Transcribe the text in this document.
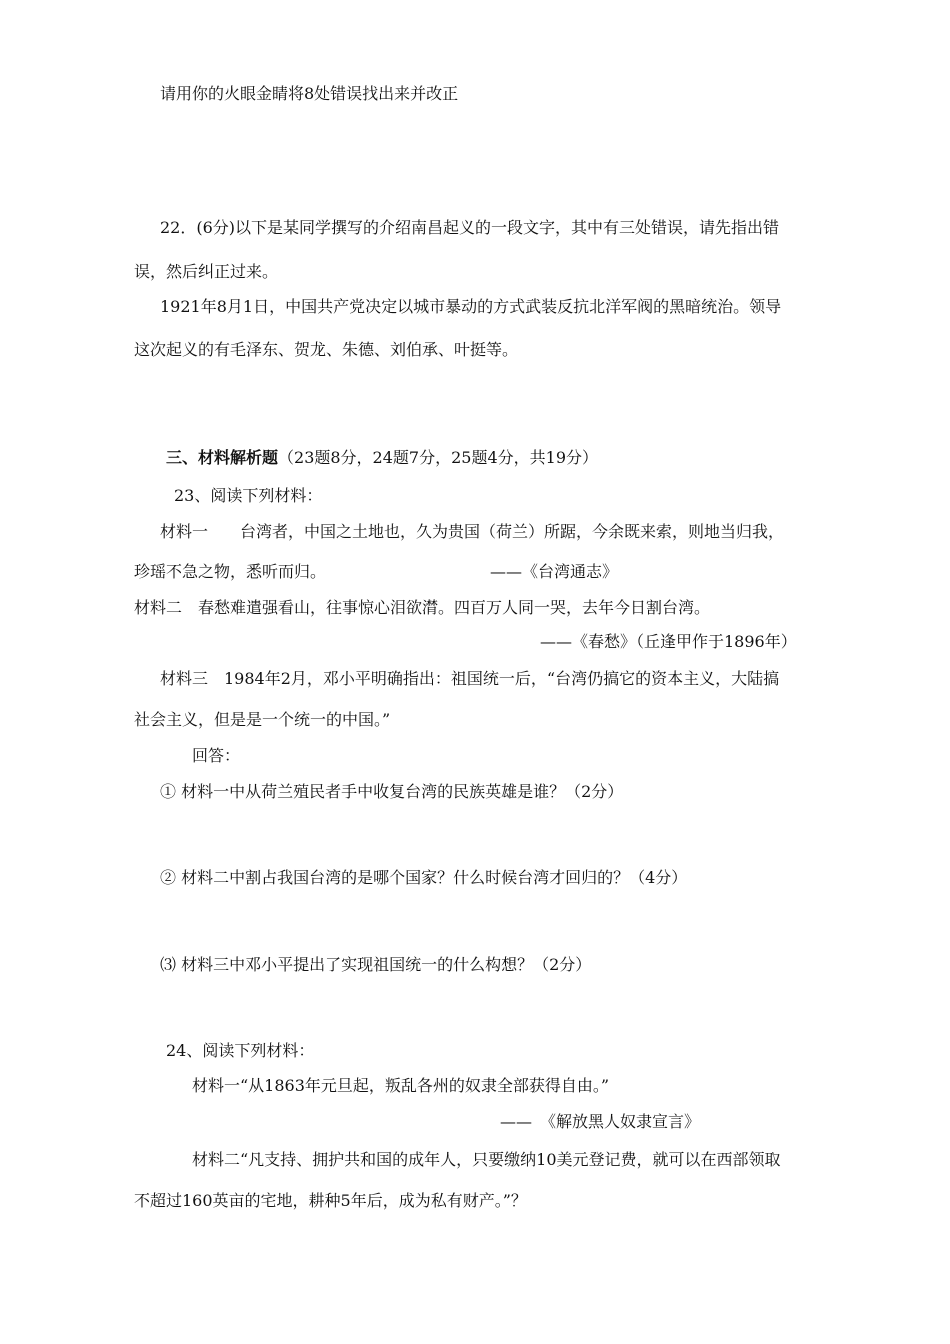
请用你的火眼金睛将8处错误找出来并改正
22．(6分)以下是某同学撰写的介绍南昌起义的一段文字，其中有三处错误，请先指出错
误，然后纠正过来。
1921年8月1日，中国共产党决定以城市暴动的方式武装反抗北洋军阀的黑暗统治。领导
这次起义的有毛泽东、贺龙、朱德、刘伯承、叶挺等。
三、材料解析题（23题8分，24题7分，25题4分，共19分）
23、阅读下列材料：
材料一　　台湾者，中国之土地也，久为贵国（荷兰）所踞，今余既来索，则地当归我，
珍瑶不急之物，悉听而归。	——《台湾通志》
材料二　春愁难遣强看山，往事惊心泪欲潸。四百万人同一哭，去年今日割台湾。
——《春愁》（丘逢甲作于1896年）
材料三　1984年2月，邓小平明确指出：祖国统一后，“台湾仍搞它的资本主义，大陆搞
社会主义，但是是一个统一的中国。”
回答：
① 材料一中从荷兰殖民者手中收复台湾的民族英雄是谁？（2分）
② 材料二中割占我国台湾的是哪个国家？什么时候台湾才回归的？（4分）
⑶ 材料三中邓小平提出了实现祖国统一的什么构想？（2分）
24、阅读下列材料：
材料一“从1863年元旦起，叛乱各州的奴隶全部获得自由。”
——　《解放黑人奴隶宣言》
材料二“凡支持、拥护共和国的成年人，只要缴纳10美元登记费，就可以在西部领取
不超过160英亩的宅地，耕种5年后，成为私有财产。”？
